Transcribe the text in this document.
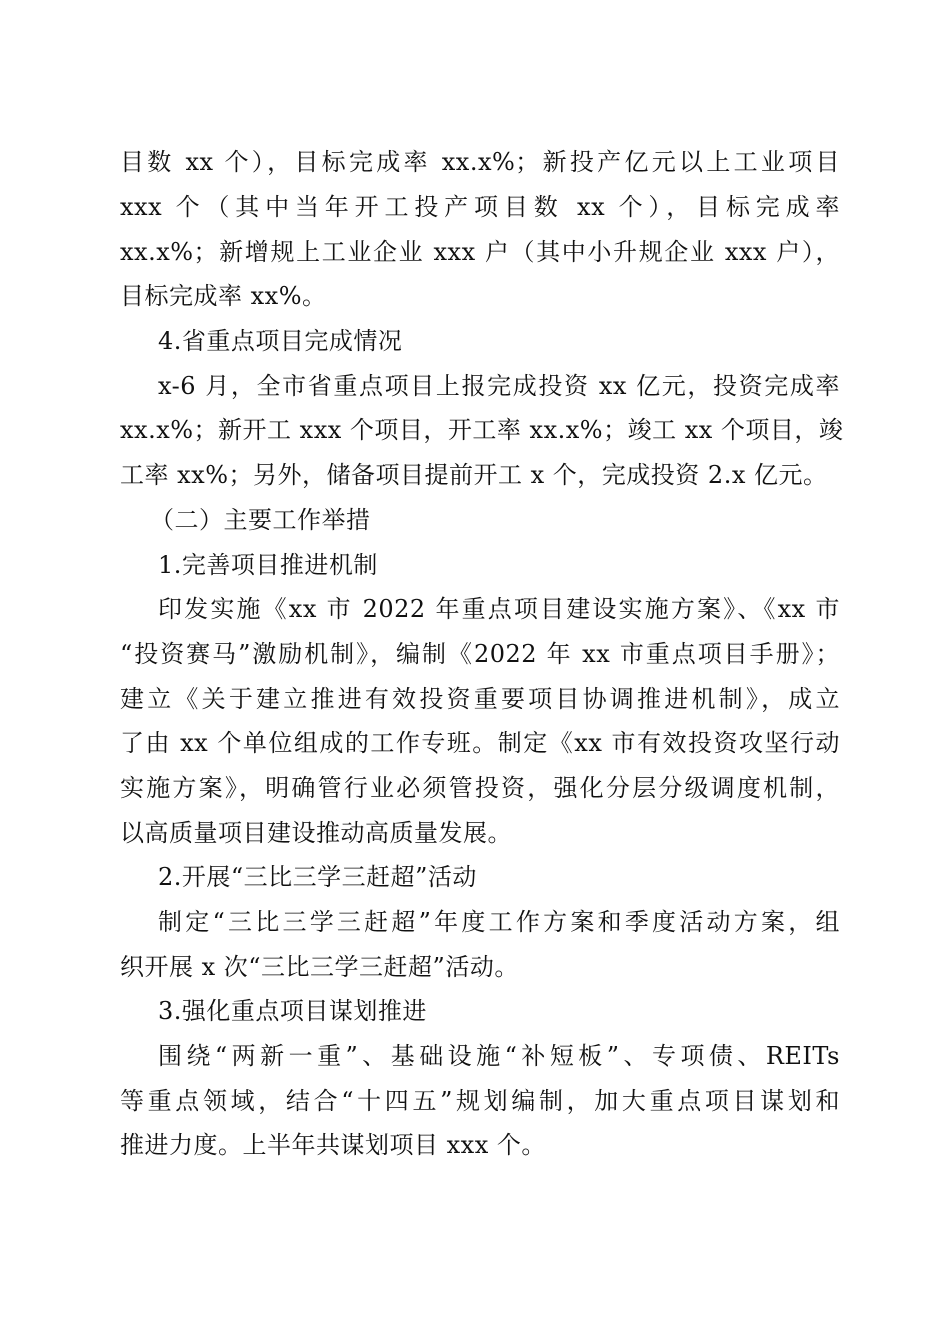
目数 xx 个），目标完成率 xx.x%；新投产亿元以上工业项目
xxx 个（其中当年开工投产项目数 xx 个），目标完成率
xx.x%；新增规上工业企业 xxx 户（其中小升规企业 xxx 户），
目标完成率 xx%。
4.省重点项目完成情况
x-6 月，全市省重点项目上报完成投资 xx 亿元，投资完成率
xx.x%；新开工 xxx 个项目，开工率 xx.x%；竣工 xx 个项目，竣
工率 xx%；另外，储备项目提前开工 x 个，完成投资 2.x 亿元。
（二）主要工作举措
1.完善项目推进机制
印发实施《xx 市 2022 年重点项目建设实施方案》、《xx 市
“投资赛马”激励机制》，编制《2022 年 xx 市重点项目手册》；
建立《关于建立推进有效投资重要项目协调推进机制》，成立
了由 xx 个单位组成的工作专班。制定《xx 市有效投资攻坚行动
实施方案》，明确管行业必须管投资，强化分层分级调度机制，
以高质量项目建设推动高质量发展。
2.开展“三比三学三赶超”活动
制定“三比三学三赶超”年度工作方案和季度活动方案，组
织开展 x 次“三比三学三赶超”活动。
3.强化重点项目谋划推进
围绕“两新一重”、基础设施“补短板”、专项债、REITs
等重点领域，结合“十四五”规划编制，加大重点项目谋划和
推进力度。上半年共谋划项目 xxx 个。
